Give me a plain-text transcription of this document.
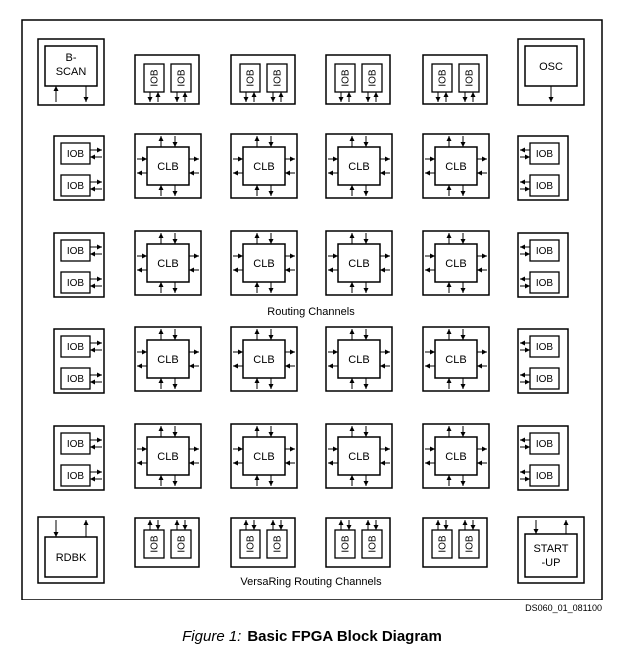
CLB	CLB	CLB	CLB
CLB	CLB	CLB	CLB
CLB	CLB	CLB	CLB
CLB	CLB	CLB	CLB
IOB
IOB
IOB
IOB
IOB
IOB
IOB
IOB
IOB
IOB
IOB
IOB
IOB
IOB
IOB
IOB
IOB IOB	IOB IOB	IOB IOB	IOB IOB
IOB IOB	IOB IOB	IOB IOB	IOB IOB
B-
SCAN	OSC
RDBK
START
-UP
Routing Channels
VersaRing Routing Channels
DS060_01_081100
Figure 1: Basic FPGA Block Diagram
